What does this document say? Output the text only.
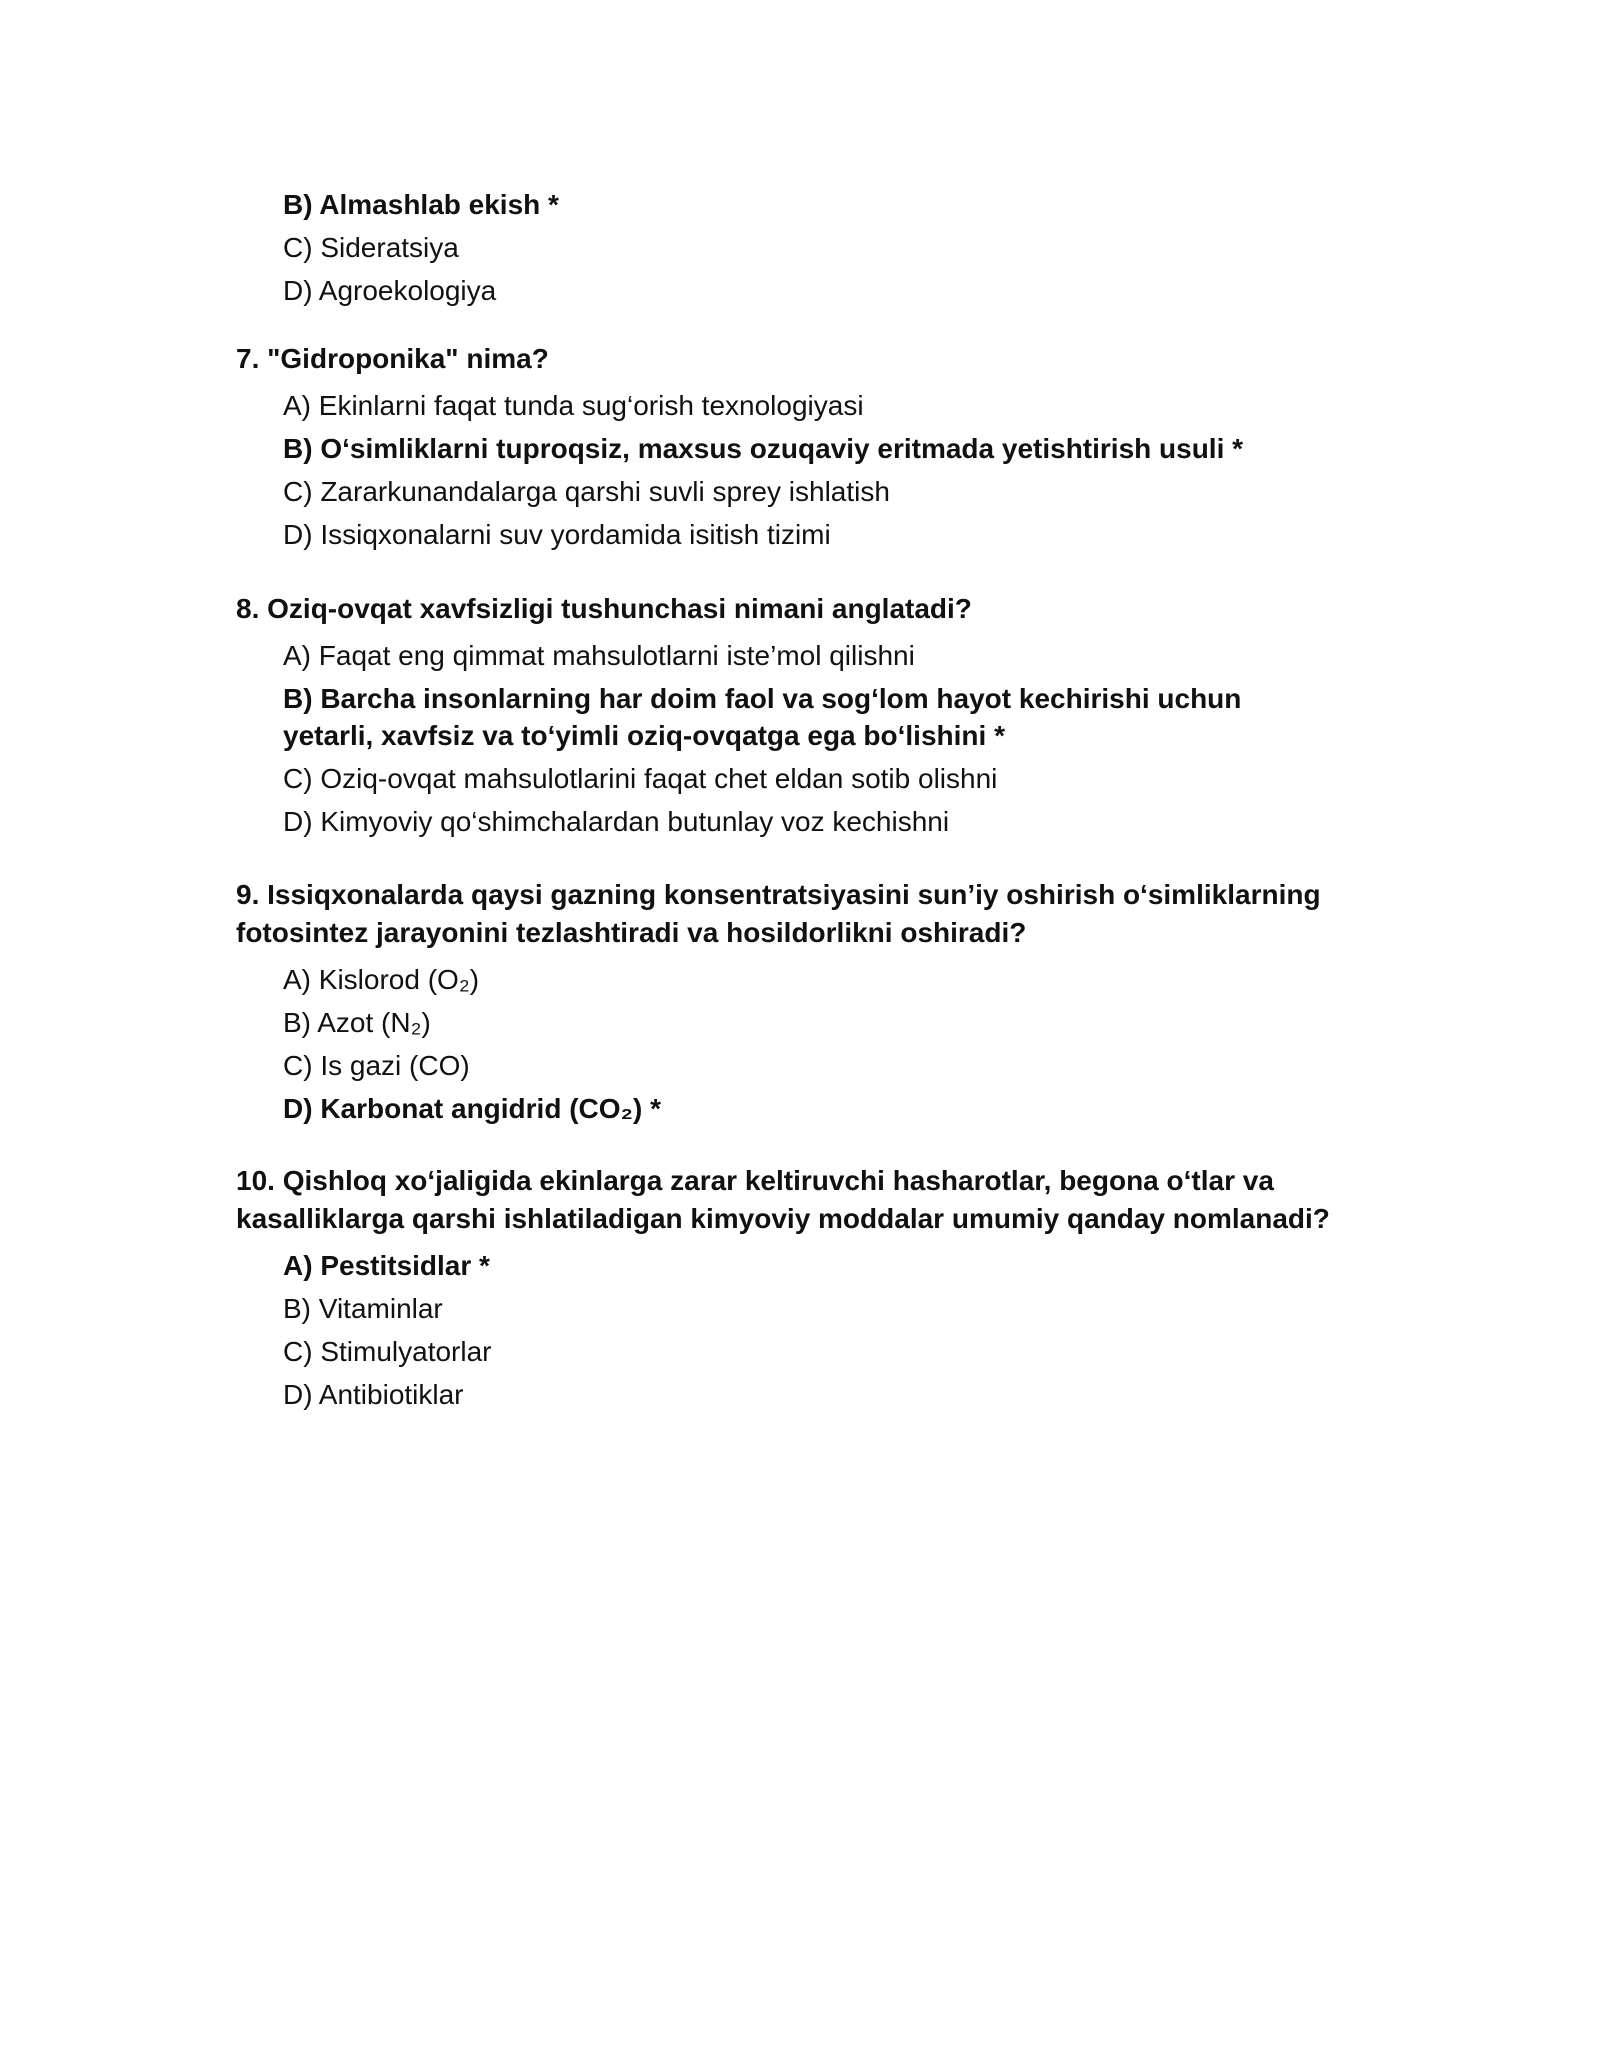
B) Almashlab ekish *
C) Sideratsiya
D) Agroekologiya

7. "Gidroponika" nima?

A) Ekinlarni faqat tunda sug‘orish texnologiyasi
B) O‘simliklarni tuproqsiz, maxsus ozuqaviy eritmada yetishtirish usuli *
C) Zararkunandalarga qarshi suvli sprey ishlatish
D) Issiqxonalarni suv yordamida isitish tizimi

8. Oziq-ovqat xavfsizligi tushunchasi nimani anglatadi?

A) Faqat eng qimmat mahsulotlarni iste’mol qilishni
B) Barcha insonlarning har doim faol va sog‘lom hayot kechirishi uchun yetarli, xavfsiz va to‘yimli oziq-ovqatga ega bo‘lishini *
C) Oziq-ovqat mahsulotlarini faqat chet eldan sotib olishni
D) Kimyoviy qo‘shimchalardan butunlay voz kechishni

9. Issiqxonalarda qaysi gazning konsentratsiyasini sun’iy oshirish o‘simliklarning fotosintez jarayonini tezlashtiradi va hosildorlikni oshiradi?

A) Kislorod (O₂)
B) Azot (N₂)
C) Is gazi (CO)
D) Karbonat angidrid (CO₂) *

10. Qishloq xo‘jaligida ekinlarga zarar keltiruvchi hasharotlar, begona o‘tlar va kasalliklarga qarshi ishlatiladigan kimyoviy moddalar umumiy qanday nomlanadi?

A) Pestitsidlar *
B) Vitaminlar
C) Stimulyatorlar
D) Antibiotiklar
